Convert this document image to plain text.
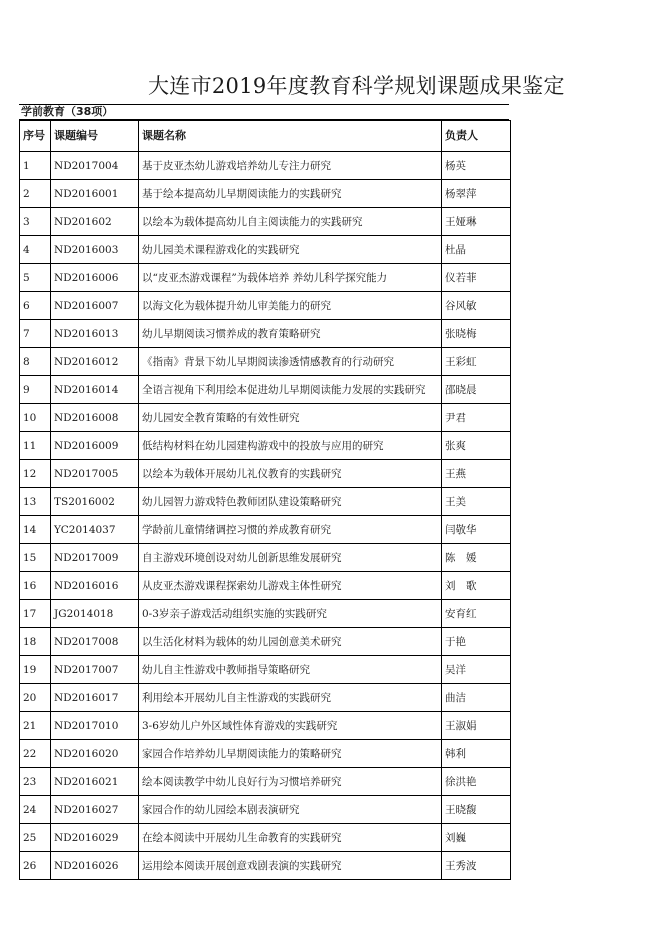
大连市2019年度教育科学规划课题成果鉴定
学前教育（38项）
序号	课题编号	课题名称	负责人
1	ND2017004	基于皮亚杰幼儿游戏培养幼儿专注力研究	杨英
2	ND2016001	基于绘本提高幼儿早期阅读能力的实践研究	杨翠萍
3	ND201602	以绘本为载体提高幼儿自主阅读能力的实践研究	王娅琳
4	ND2016003	幼儿园美术课程游戏化的实践研究	杜晶
5	ND2016006	以“皮亚杰游戏课程”为载体培养 养幼儿科学探究能力	仪若菲
6	ND2016007	以海文化为载体提升幼儿审美能力的研究	谷风敏
7	ND2016013	幼儿早期阅读习惯养成的教育策略研究	张晓梅
8	ND2016012	《指南》背景下幼儿早期阅读渗透情感教育的行动研究	王彩虹
9	ND2016014	全语言视角下利用绘本促进幼儿早期阅读能力发展的实践研究	邵晓晨
10	ND2016008	幼儿园安全教育策略的有效性研究	尹君
11	ND2016009	低结构材料在幼儿园建构游戏中的投放与应用的研究	张爽
12	ND2017005	以绘本为载体开展幼儿礼仪教育的实践研究	王燕
13	TS2016002	幼儿园智力游戏特色教师团队建设策略研究	王美
14	YC2014037	学龄前儿童情绪调控习惯的养成教育研究	闫敬华
15	ND2017009	自主游戏环境创设对幼儿创新思维发展研究	陈　媛
16	ND2016016	从皮亚杰游戏课程探索幼儿游戏主体性研究	刘　歌
17	JG2014018	0-3岁亲子游戏活动组织实施的实践研究	安育红
18	ND2017008	以生活化材料为载体的幼儿园创意美术研究	于艳
19	ND2017007	幼儿自主性游戏中教师指导策略研究	吴洋
20	ND2016017	利用绘本开展幼儿自主性游戏的实践研究	曲洁
21	ND2017010	3-6岁幼儿户外区域性体育游戏的实践研究	王淑娟
22	ND2016020	家园合作培养幼儿早期阅读能力的策略研究	韩利
23	ND2016021	绘本阅读教学中幼儿良好行为习惯培养研究	徐洪艳
24	ND2016027	家园合作的幼儿园绘本剧表演研究	王晓馥
25	ND2016029	在绘本阅读中开展幼儿生命教育的实践研究	刘巍
26	ND2016026	运用绘本阅读开展创意戏剧表演的实践研究	王秀波
